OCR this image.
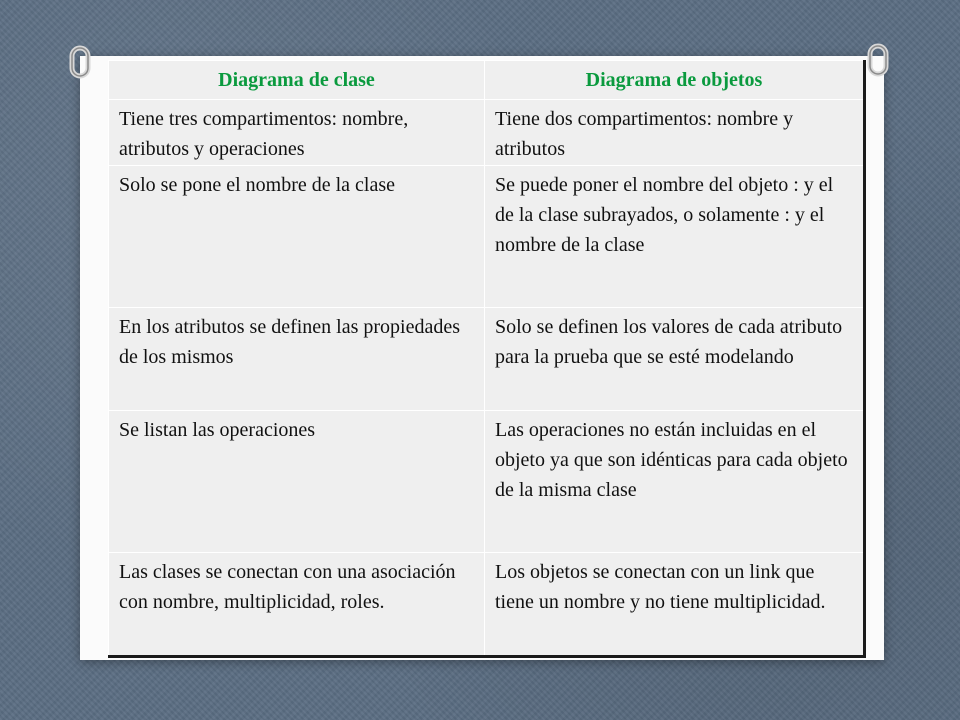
Diagrama de clase	Diagrama de objetos
Tiene tres compartimentos: nombre, atributos y operaciones	Tiene dos compartimentos: nombre y atributos
Solo se pone el nombre de la clase	Se puede poner el nombre del objeto : y el de la clase subrayados, o solamente : y el nombre de la clase
En los atributos se definen las propiedades de los mismos	Solo se definen los valores de cada atributo para la prueba que se esté modelando
Se listan las operaciones	Las operaciones no están incluidas en el objeto ya que son idénticas para cada objeto de la misma clase
Las clases se conectan con una asociación con nombre, multiplicidad, roles.	Los objetos se conectan con un link que tiene un nombre y no tiene multiplicidad.
